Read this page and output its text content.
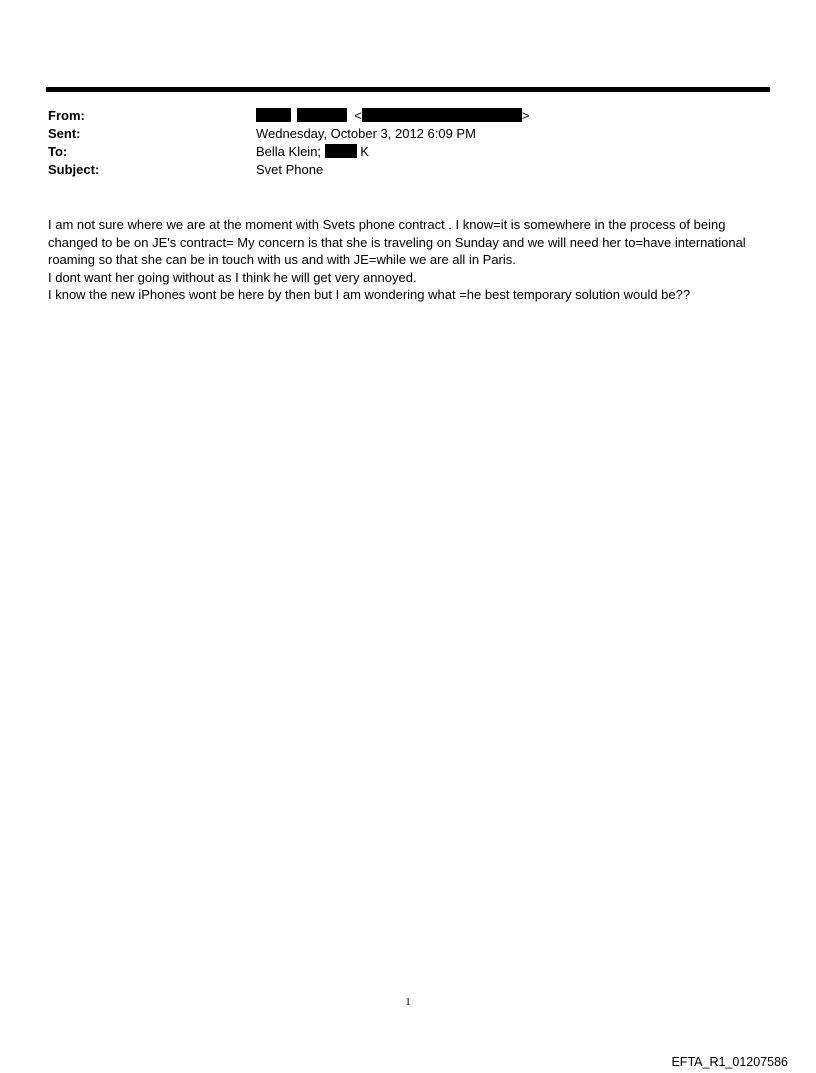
From:	<	>
Sent:	Wednesday, October 3, 2012 6:09 PM
To:	Bella Klein;	K
Subject:	Svet Phone

I am not sure where we are at the moment with Svets phone contract . I know=it is somewhere in the process of being changed to be on JE's contract= My concern is that she is traveling on Sunday and we will need her to=have international roaming so that she can be in touch with us and with JE=while we are all in Paris.

I dont want her going without as I think he will get very annoyed.

I know the new iPhones wont be here by then but I am wondering what =he best temporary solution would be??

1
EFTA_R1_01207586
